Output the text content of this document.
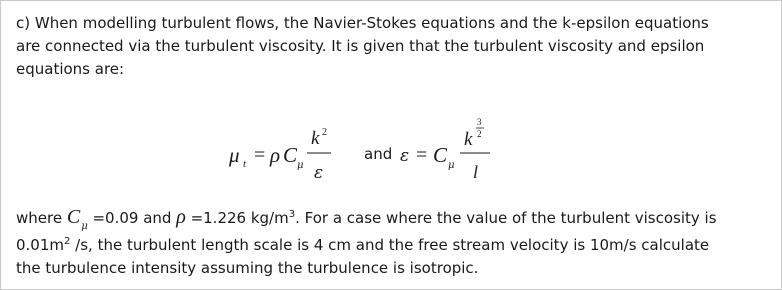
c) When modelling turbulent flows, the Navier-Stokes equations and the k-epsilon equations
are connected via the turbulent viscosity. It is given that the turbulent viscosity and epsilon
equations are:

μ t = ρ C μ
k 2
ε
ε = C μ
k
3
2
l
and

where $C_\mu =0.09$ and ρ =1.226 $kg/m^3$. For a case where the value of the turbulent viscosity is
$0.01m^2$ /s, the turbulent length scale is 4 cm and the free stream velocity is 10m/s calculate
the turbulence intensity assuming the turbulence is isotropic.
